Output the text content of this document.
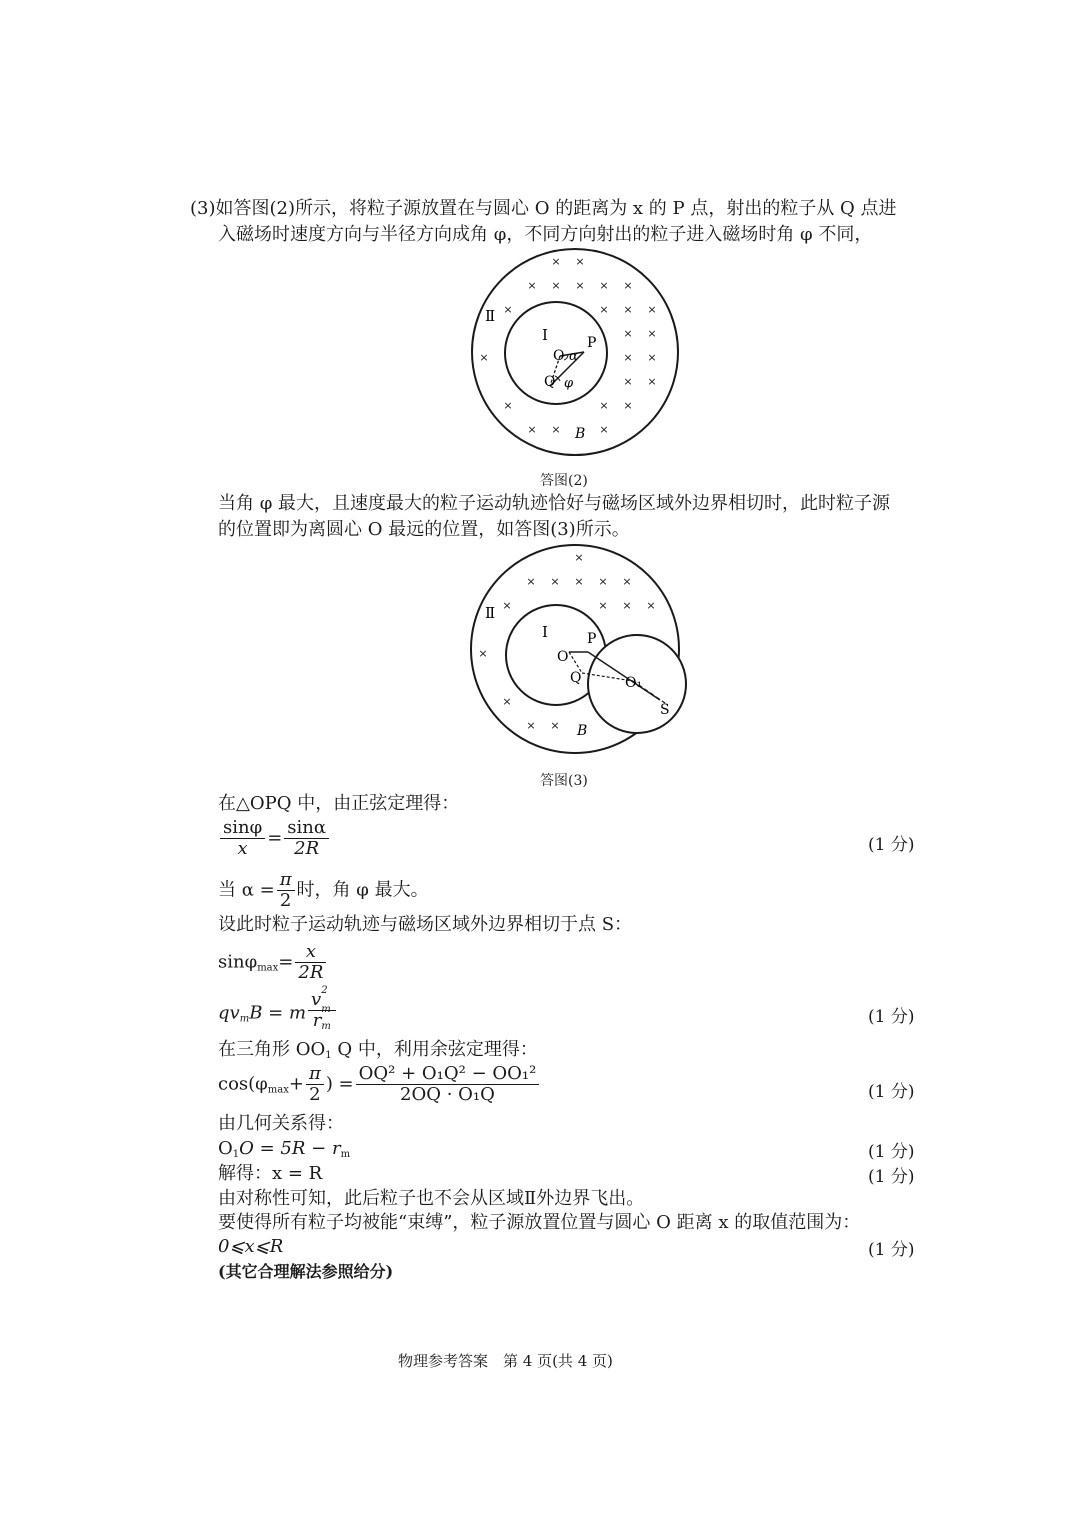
(3)如答图(2)所示，将粒子源放置在与圆心 O 的距离为 x 的 P 点，射出的粒子从 Q 点进
入磁场时速度方向与半径方向成角 φ，不同方向射出的粒子进入磁场时角 φ 不同，
× ×
× × × × ×
×	× × ×
× ×
×	× ×
× ×
×	× ×
× ×	×
Ⅱ
I
O
P
Q
α
φ
B
答图(2)
当角 φ 最大，且速度最大的粒子运动轨迹恰好与磁场区域外边界相切时，此时粒子源
的位置即为离圆心 O 最远的位置，如答图(3)所示。
×
× × × × ×
×	× × ×
×
×
× ×
Ⅱ
I
O
P
Q	O₁
S
B
答图(3)
在△OPQ 中，由正弦定理得：
$\frac{\sin\varphi}{x} = \frac{\sin\alpha}{2R}$	(1 分)
当 $\alpha = \frac{\pi}{2}$ 时，角 φ 最大。
设此时粒子运动轨迹与磁场区域外边界相切于点 S：
$\sin\varphi_{max}= \frac{x}{2R}$
$qv_mB = m$ v 2
m

$r_m$	(1 分)
在三角形 $OO_1$ Q 中，利用余弦定理得：
$\cos(\varphi_{max}+ \frac{\pi}{2}$ ) = $\frac{\text{OQ² + O₁Q² − OO₁²}}{\text{2OQ · O₁Q}}$	(1 分)
由几何关系得：
$O_1O = 5R - r_m$	(1 分)
解得：x = R	(1 分)
由对称性可知，此后粒子也不会从区域Ⅱ外边界飞出。
要使得所有粒子均被能“束缚”，粒子源放置位置与圆心 O 距离 x 的取值范围为：
0⩽x⩽R	(1 分)
(其它合理解法参照给分)
物理参考答案　第 4 页(共 4 页)
